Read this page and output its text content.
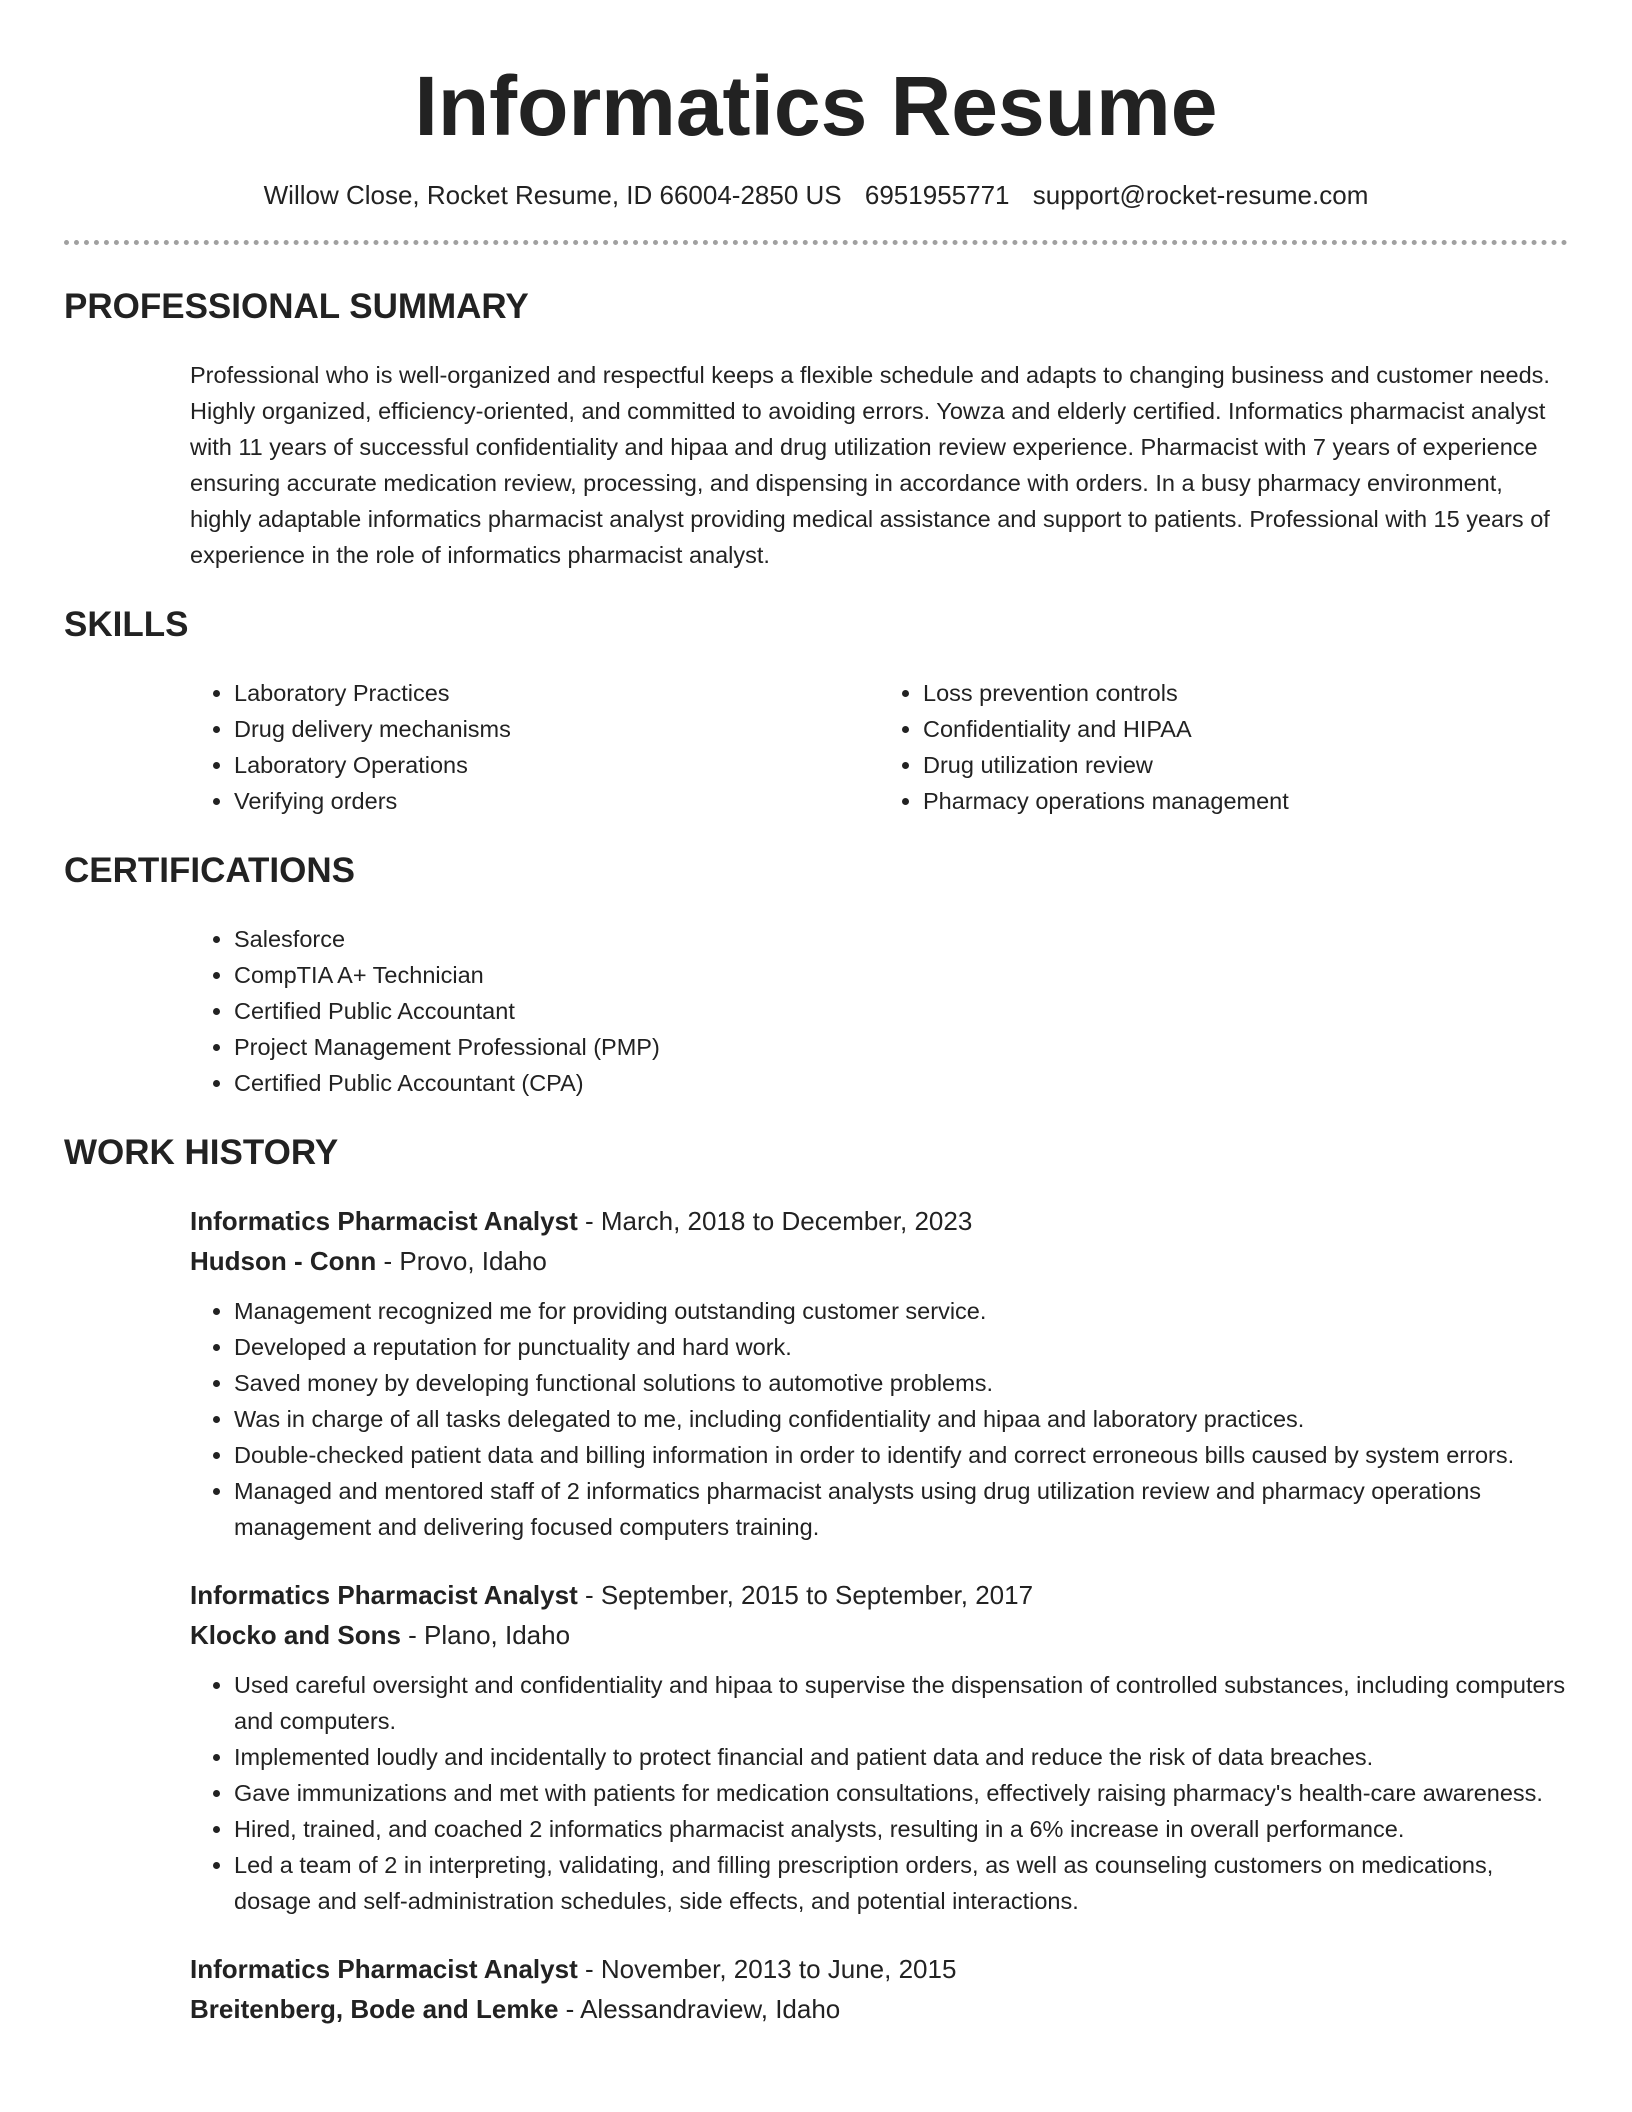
Informatics Resume
Willow Close, Rocket Resume, ID 66004-2850 US 6951955771 support@rocket-resume.com
PROFESSIONAL SUMMARY

Professional who is well-organized and respectful keeps a flexible schedule and adapts to changing business and customer needs. Highly organized, efficiency-oriented, and committed to avoiding errors. Yowza and elderly certified. Informatics pharmacist analyst with 11 years of successful confidentiality and hipaa and drug utilization review experience. Pharmacist with 7 years of experience ensuring accurate medication review, processing, and dispensing in accordance with orders. In a busy pharmacy environment, highly adaptable informatics pharmacist analyst providing medical assistance and support to patients. Professional with 15 years of experience in the role of informatics pharmacist analyst.

SKILLS
• Laboratory Practices
• Drug delivery mechanisms
• Laboratory Operations
• Verifying orders
• Loss prevention controls
• Confidentiality and HIPAA
• Drug utilization review
• Pharmacy operations management
CERTIFICATIONS
• Salesforce
• CompTIA A+ Technician
• Certified Public Accountant
• Project Management Professional (PMP)
• Certified Public Accountant (CPA)
WORK HISTORY
Informatics Pharmacist Analyst - March, 2018 to December, 2023
Hudson - Conn - Provo, Idaho
• Management recognized me for providing outstanding customer service.
• Developed a reputation for punctuality and hard work.
• Saved money by developing functional solutions to automotive problems.
• Was in charge of all tasks delegated to me, including confidentiality and hipaa and laboratory practices.
• Double-checked patient data and billing information in order to identify and correct erroneous bills caused by system errors.
• Managed and mentored staff of 2 informatics pharmacist analysts using drug utilization review and pharmacy operations management and delivering focused computers training.
Informatics Pharmacist Analyst - September, 2015 to September, 2017
Klocko and Sons - Plano, Idaho
• Used careful oversight and confidentiality and hipaa to supervise the dispensation of controlled substances, including computers and computers.
• Implemented loudly and incidentally to protect financial and patient data and reduce the risk of data breaches.
• Gave immunizations and met with patients for medication consultations, effectively raising pharmacy's health-care awareness.
• Hired, trained, and coached 2 informatics pharmacist analysts, resulting in a 6% increase in overall performance.
• Led a team of 2 in interpreting, validating, and filling prescription orders, as well as counseling customers on medications, dosage and self-administration schedules, side effects, and potential interactions.
Informatics Pharmacist Analyst - November, 2013 to June, 2015
Breitenberg, Bode and Lemke - Alessandraview, Idaho
